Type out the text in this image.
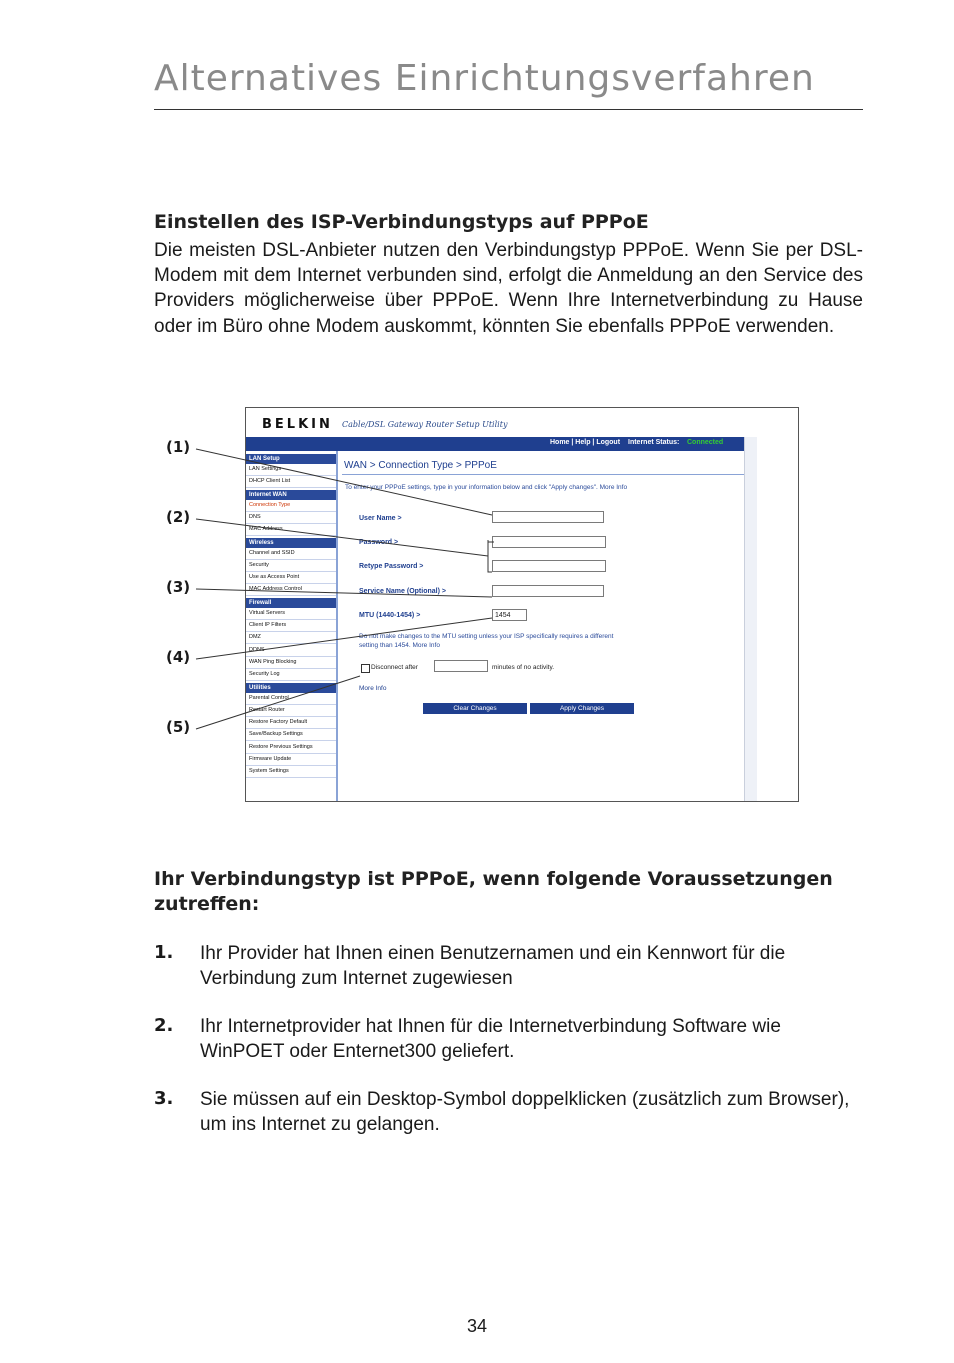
Alternatives Einrichtungsverfahren
Einstellen des ISP-Verbindungstyps auf PPPoE
Die meisten DSL-Anbieter nutzen den Verbindungstyp PPPoE. Wenn Sie per DSL-Modem mit dem Internet verbunden sind, erfolgt die Anmeldung an den Service des Providers möglicherweise über PPPoE. Wenn Ihre Internetverbindung zu Hause oder im Büro ohne Modem auskommt, könnten Sie ebenfalls PPPoE verwenden.
(1)
(2)
(3)
(4)
(5)
BELKIN Cable/DSL Gateway Router Setup Utility
Home | Help | Logout Internet Status: Connected
LAN Setup
LAN Settings
DHCP Client List
Internet WAN
Connection Type
DNS
MAC Address
Wireless
Channel and SSID
Security
Use as Access Point
MAC Address Control
Firewall
Virtual Servers
Client IP Filters
DMZ
DDNS
WAN Ping Blocking
Security Log
Utilities
Parental Control
Restart Router
Restore Factory Default
Save/Backup Settings
Restore Previous Settings
Firmware Update
System Settings
WAN > Connection Type > PPPoE
To enter your PPPoE settings, type in your information below and click "Apply changes". More Info
User Name >
Password >
Retype Password >
Service Name (Optional) >
MTU (1440-1454) >	1454
Do not make changes to the MTU setting unless your ISP specifically requires a different
setting than 1454. More Info
Disconnect after	minutes of no activity.
More Info
Clear Changes	Apply Changes
Ihr Verbindungstyp ist PPPoE, wenn folgende Voraussetzungen zutreffen:
1. Ihr Provider hat Ihnen einen Benutzernamen und ein Kennwort für die Verbindung zum Internet zugewiesen
2. Ihr Internetprovider hat Ihnen für die Internetverbindung Software wie WinPOET oder Enternet300 geliefert.
3. Sie müssen auf ein Desktop-Symbol doppelklicken (zusätzlich zum Browser), um ins Internet zu gelangen.
34
